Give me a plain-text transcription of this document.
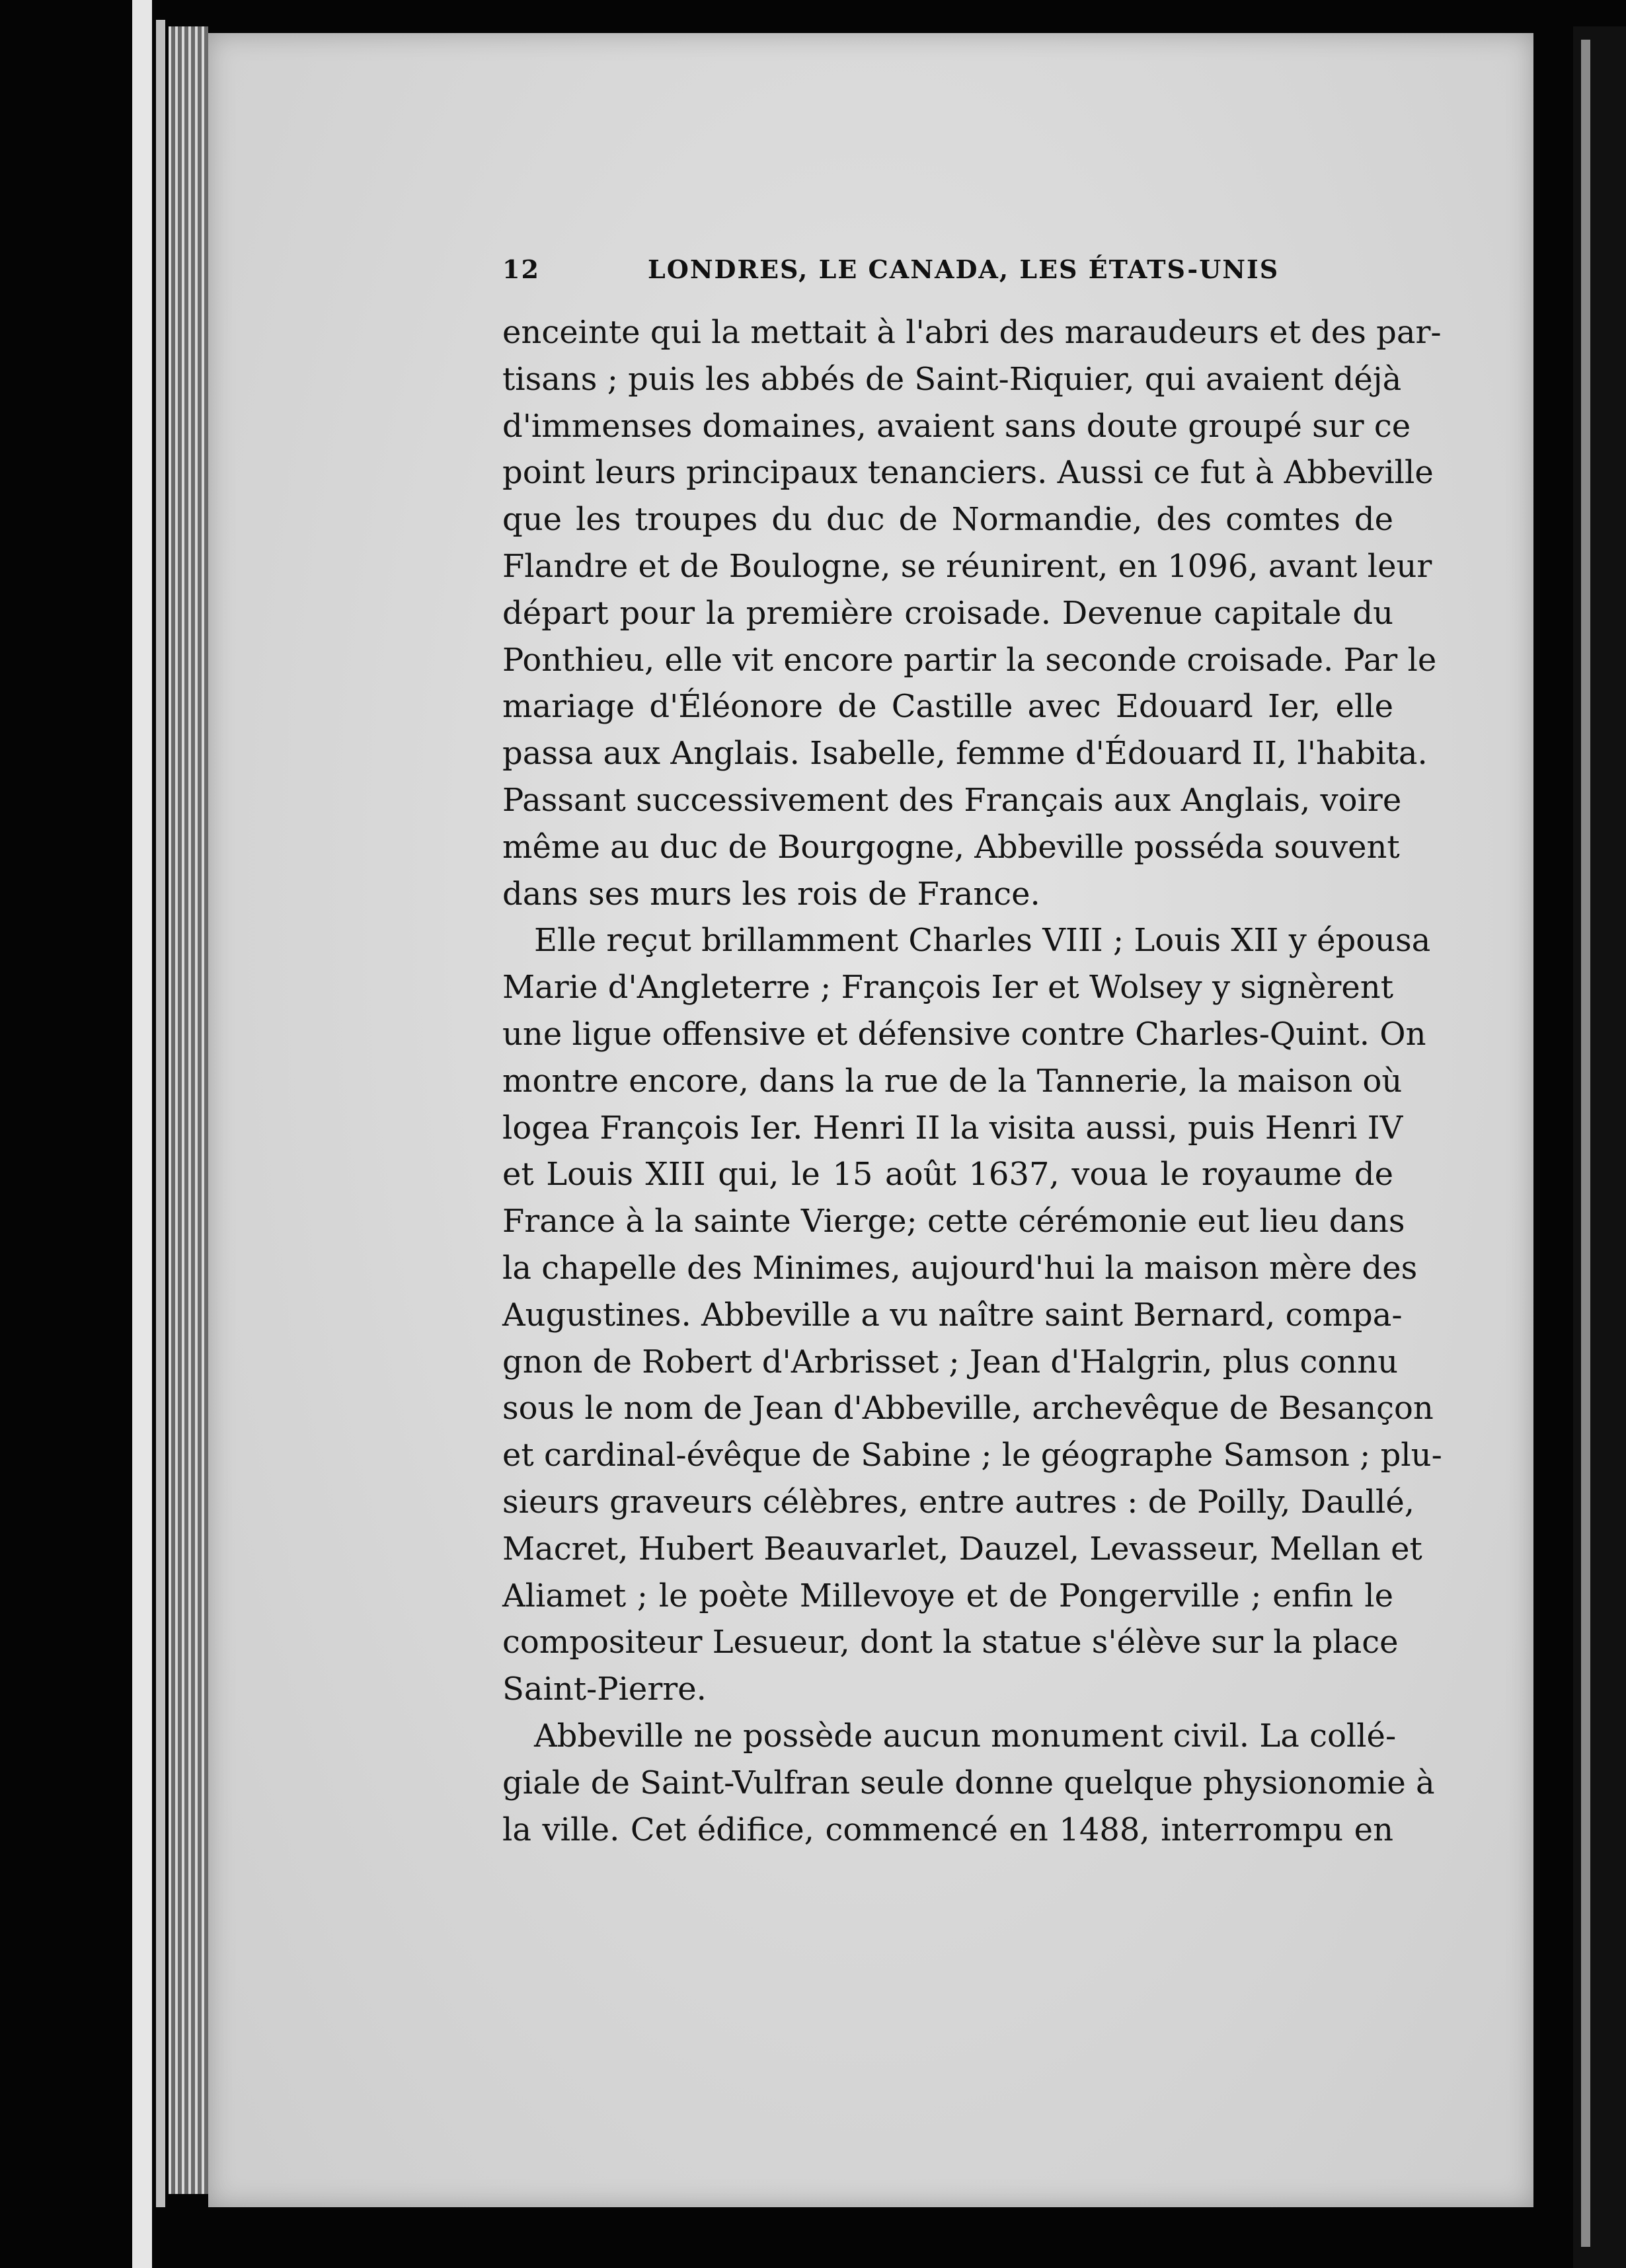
12	LONDRES, LE CANADA, LES ÉTATS-UNIS
enceinte qui la mettait à l'abri des maraudeurs et des par-
tisans ; puis les abbés de Saint-Riquier, qui avaient déjà
d'immenses domaines, avaient sans doute groupé sur ce
point leurs principaux tenanciers. Aussi ce fut à Abbeville
que les troupes du duc de Normandie, des comtes de
Flandre et de Boulogne, se réunirent, en 1096, avant leur
départ pour la première croisade. Devenue capitale du
Ponthieu, elle vit encore partir la seconde croisade. Par le
mariage d'Éléonore de Castille avec Edouard Ier, elle
passa aux Anglais. Isabelle, femme d'Édouard II, l'habita.
Passant successivement des Français aux Anglais, voire
même au duc de Bourgogne, Abbeville posséda souvent
dans ses murs les rois de France.
Elle reçut brillamment Charles VIII ; Louis XII y épousa
Marie d'Angleterre ; François Ier et Wolsey y signèrent
une ligue offensive et défensive contre Charles-Quint. On
montre encore, dans la rue de la Tannerie, la maison où
logea François Ier. Henri II la visita aussi, puis Henri IV
et Louis XIII qui, le 15 août 1637, voua le royaume de
France à la sainte Vierge; cette cérémonie eut lieu dans
la chapelle des Minimes, aujourd'hui la maison mère des
Augustines. Abbeville a vu naître saint Bernard, compa-
gnon de Robert d'Arbrisset ; Jean d'Halgrin, plus connu
sous le nom de Jean d'Abbeville, archevêque de Besançon
et cardinal-évêque de Sabine ; le géographe Samson ; plu-
sieurs graveurs célèbres, entre autres : de Poilly, Daullé,
Macret, Hubert Beauvarlet, Dauzel, Levasseur, Mellan et
Aliamet ; le poète Millevoye et de Pongerville ; enfin le
compositeur Lesueur, dont la statue s'élève sur la place
Saint-Pierre.
Abbeville ne possède aucun monument civil. La collé-
giale de Saint-Vulfran seule donne quelque physionomie à
la ville. Cet édifice, commencé en 1488, interrompu en
